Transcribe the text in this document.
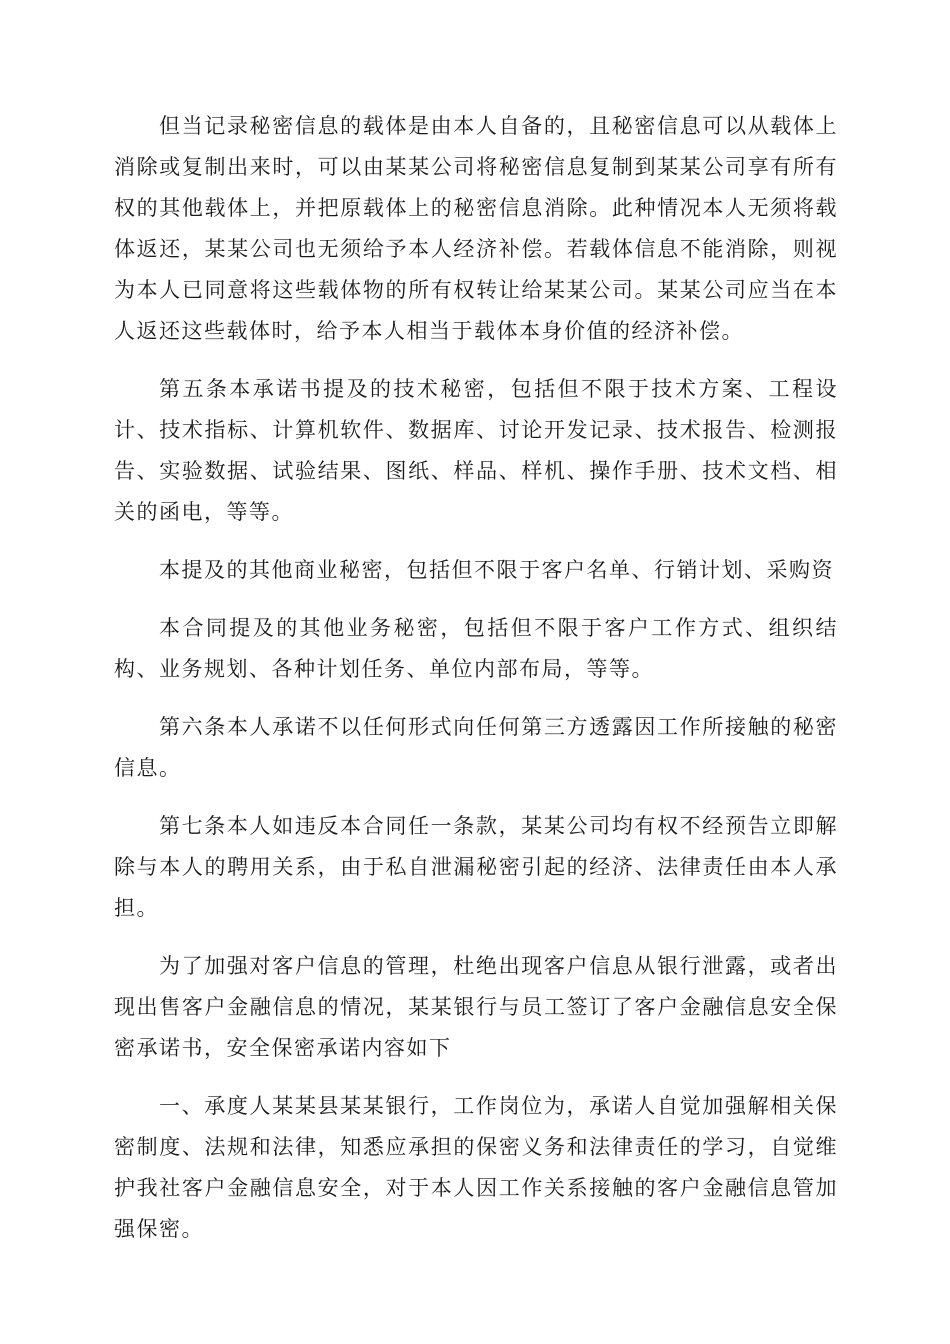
但当记录秘密信息的载体是由本人自备的，且秘密信息可以从载体上消除或复制出来时，可以由某某公司将秘密信息复制到某某公司享有所有权的其他载体上，并把原载体上的秘密信息消除。此种情况本人无须将载体返还，某某公司也无须给予本人经济补偿。若载体信息不能消除，则视为本人已同意将这些载体物的所有权转让给某某公司。某某公司应当在本人返还这些载体时，给予本人相当于载体本身价值的经济补偿。

第五条本承诺书提及的技术秘密，包括但不限于技术方案、工程设计、技术指标、计算机软件、数据库、讨论开发记录、技术报告、检测报告、实验数据、试验结果、图纸、样品、样机、操作手册、技术文档、相关的函电，等等。

本提及的其他商业秘密，包括但不限于客户名单、行销计划、采购资

本合同提及的其他业务秘密，包括但不限于客户工作方式、组织结构、业务规划、各种计划任务、单位内部布局，等等。

第六条本人承诺不以任何形式向任何第三方透露因工作所接触的秘密信息。

第七条本人如违反本合同任一条款，某某公司均有权不经预告立即解除与本人的聘用关系，由于私自泄漏秘密引起的经济、法律责任由本人承担。

为了加强对客户信息的管理，杜绝出现客户信息从银行泄露，或者出现出售客户金融信息的情况，某某银行与员工签订了客户金融信息安全保密承诺书，安全保密承诺内容如下

一、承度人某某县某某银行，工作岗位为，承诺人自觉加强解相关保密制度、法规和法律，知悉应承担的保密义务和法律责任的学习，自觉维护我社客户金融信息安全，对于本人因工作关系接触的客户金融信息管加强保密。
